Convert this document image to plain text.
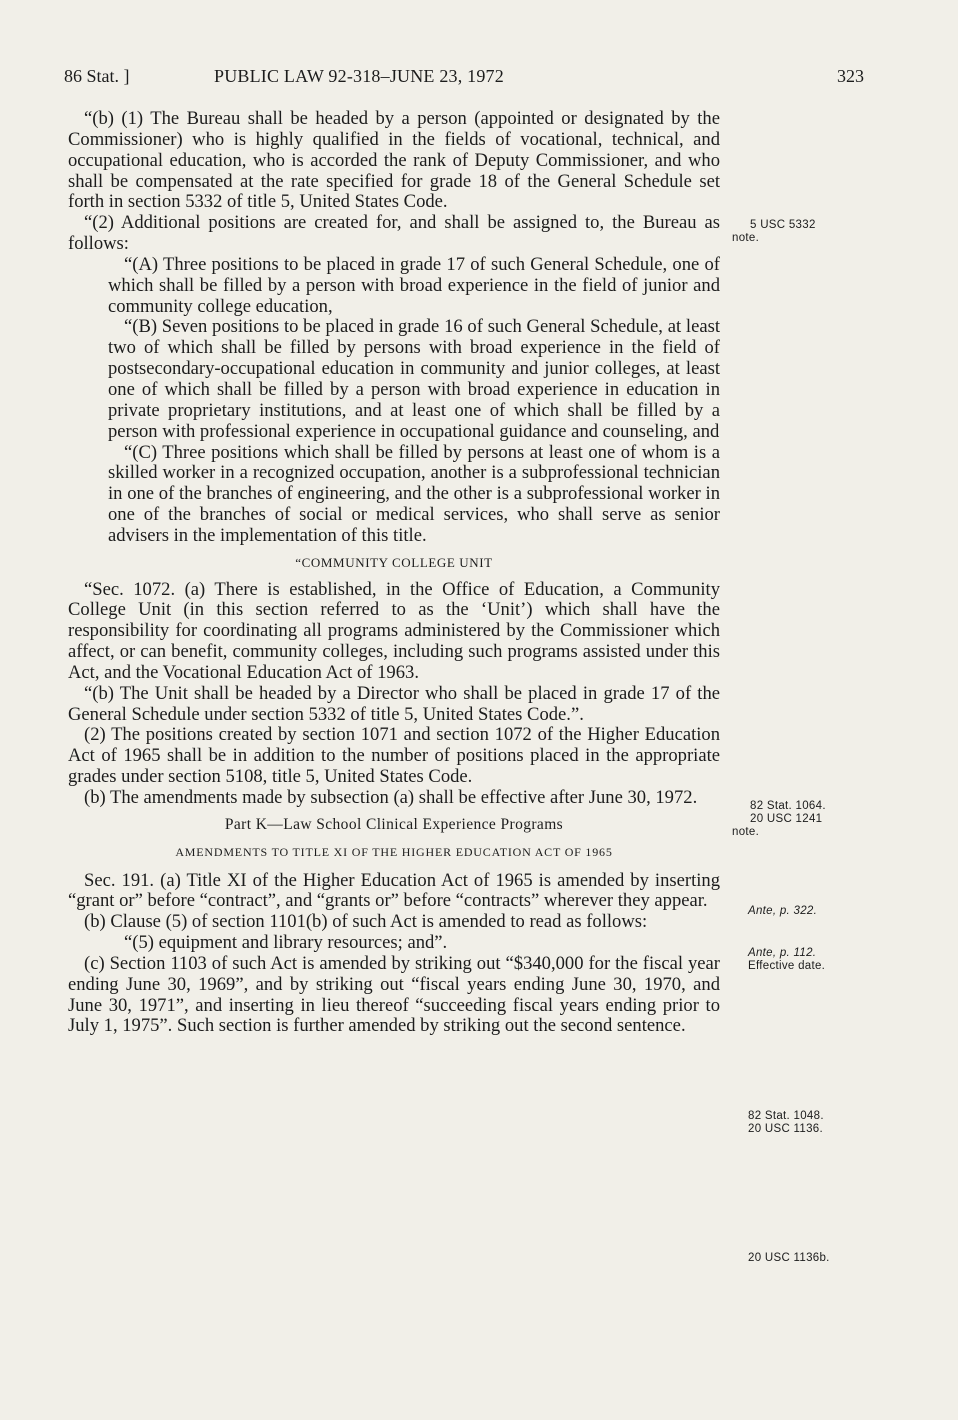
86 Stat. ]	PUBLIC LAW 92-318–JUNE 23, 1972	323

“(b) (1) The Bureau shall be headed by a person (appointed or designated by the Commissioner) who is highly qualified in the fields of vocational, technical, and occupational education, who is accorded the rank of Deputy Commissioner, and who shall be compensated at the rate specified for grade 18 of the General Schedule set forth in section 5332 of title 5, United States Code.

“(2) Additional positions are created for, and shall be assigned to, the Bureau as follows:

“(A) Three positions to be placed in grade 17 of such General Schedule, one of which shall be filled by a person with broad experience in the field of junior and community college education,

“(B) Seven positions to be placed in grade 16 of such General Schedule, at least two of which shall be filled by persons with broad experience in the field of postsecondary-occupational education in community and junior colleges, at least one of which shall be filled by a person with broad experience in education in private proprietary institutions, and at least one of which shall be filled by a person with professional experience in occupational guidance and counseling, and

“(C) Three positions which shall be filled by persons at least one of whom is a skilled worker in a recognized occupation, another is a subprofessional technician in one of the branches of engineering, and the other is a subprofessional worker in one of the branches of social or medical services, who shall serve as senior advisers in the implementation of this title.

“COMMUNITY COLLEGE UNIT

“Sec. 1072. (a) There is established, in the Office of Education, a Community College Unit (in this section referred to as the ‘Unit’) which shall have the responsibility for coordinating all programs administered by the Commissioner which affect, or can benefit, community colleges, including such programs assisted under this Act, and the Vocational Education Act of 1963.

“(b) The Unit shall be headed by a Director who shall be placed in grade 17 of the General Schedule under section 5332 of title 5, United States Code.”.

(2) The positions created by section 1071 and section 1072 of the Higher Education Act of 1965 shall be in addition to the number of positions placed in the appropriate grades under section 5108, title 5, United States Code.

(b) The amendments made by subsection (a) shall be effective after June 30, 1972.

Part K—Law School Clinical Experience Programs

AMENDMENTS TO TITLE XI OF THE HIGHER EDUCATION ACT OF 1965

Sec. 191. (a) Title XI of the Higher Education Act of 1965 is amended by inserting “grant or” before “contract”, and “grants or” before “contracts” wherever they appear.

(b) Clause (5) of section 1101(b) of such Act is amended to read as follows:

“(5) equipment and library resources; and”.

(c) Section 1103 of such Act is amended by striking out “$340,000 for the fiscal year ending June 30, 1969”, and by striking out “fiscal years ending June 30, 1970, and June 30, 1971”, and inserting in lieu thereof “succeeding fiscal years ending prior to July 1, 1975”. Such section is further amended by striking out the second sentence.

5 USC 5332
note.
82 Stat. 1064.
20 USC 1241
note.
Ante, p. 322.
Ante, p. 112.
Effective date.
82 Stat. 1048.
20 USC 1136.
20 USC 1136b.
